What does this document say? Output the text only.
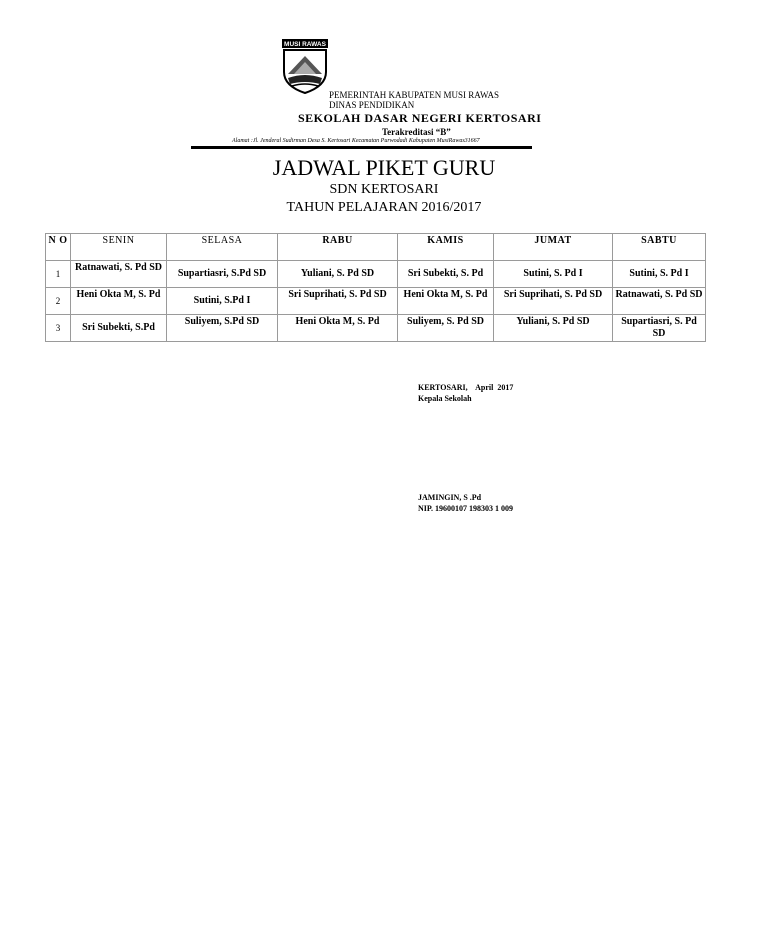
MUSI RAWAS
PEMERINTAH KABUPATEN MUSI RAWAS
DINAS PENDIDIKAN
SEKOLAH DASAR NEGERI KERTOSARI
Terakreditasi “B”
Alamat :Jl. Jenderal Sudirman Desa S. Kertosari Kecamatan Purwodadi Kabupaten MusiRawas31667
JADWAL PIKET GURU
SDN KERTOSARI
TAHUN PELAJARAN 2016/2017
N O	SENIN	SELASA	RABU	KAMIS	JUMAT	SABTU
1	Ratnawati, S. Pd SD	Supartiasri, S.Pd SD	Yuliani, S. Pd SD	Sri Subekti, S. Pd	Sutini, S. Pd I	Sutini, S. Pd I
2	Heni Okta M, S. Pd	Sutini, S.Pd I	Sri Suprihati, S. Pd SD	Heni Okta M, S. Pd	Sri Suprihati, S. Pd SD	Ratnawati, S. Pd SD
3	Sri Subekti, S.Pd	Suliyem, S.Pd SD	Heni Okta M, S. Pd	Suliyem, S. Pd SD	Yuliani, S. Pd SD	Supartiasri, S. Pd SD
KERTOSARI,    April  2017
Kepala Sekolah
JAMINGIN, S .Pd
NIP. 19600107 198303 1 009
